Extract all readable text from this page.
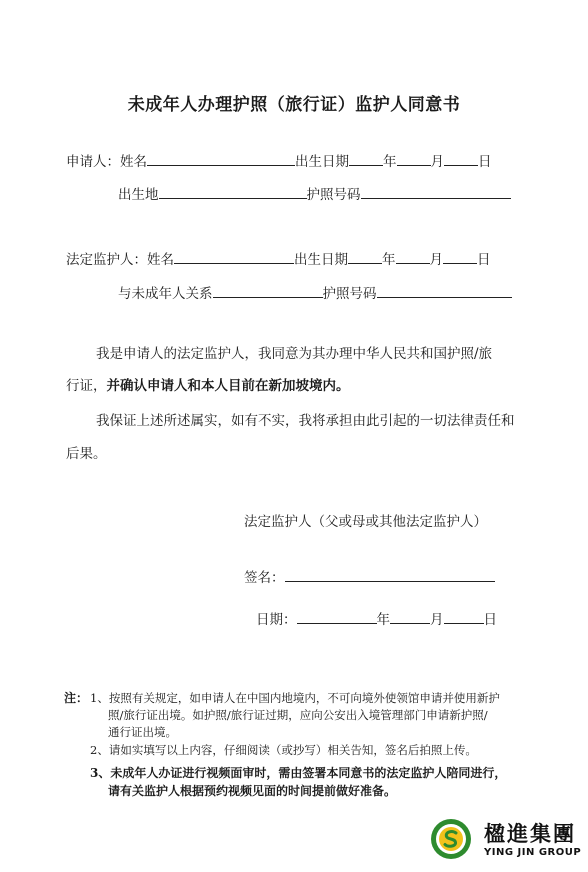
未成年人办理护照（旅行证）监护人同意书
申请人：姓名	出生日期	年	月	日
出生地	护照号码
法定监护人：姓名	出生日期	年	月	日
与未成年人关系	护照号码
我是申请人的法定监护人，我同意为其办理中华人民共和国护照/旅
行证，并确认申请人和本人目前在新加坡境内。
我保证上述所述属实，如有不实，我将承担由此引起的一切法律责任和
后果。
法定监护人（父或母或其他法定监护人）
签名：
日期：	年	月	日
注： 1、按照有关规定，如申请人在中国内地境内，不可向境外使领馆申请并使用新护
照/旅行证出境。如护照/旅行证过期，应向公安出入境管理部门申请新护照/
通行证出境。
2、请如实填写以上内容，仔细阅读（或抄写）相关告知，签名后拍照上传。
3、未成年人办证进行视频面审时，需由签署本同意书的法定监护人陪同进行，
请有关监护人根据预约视频见面的时间提前做好准备。
楹進集團
YING JIN GROUP
